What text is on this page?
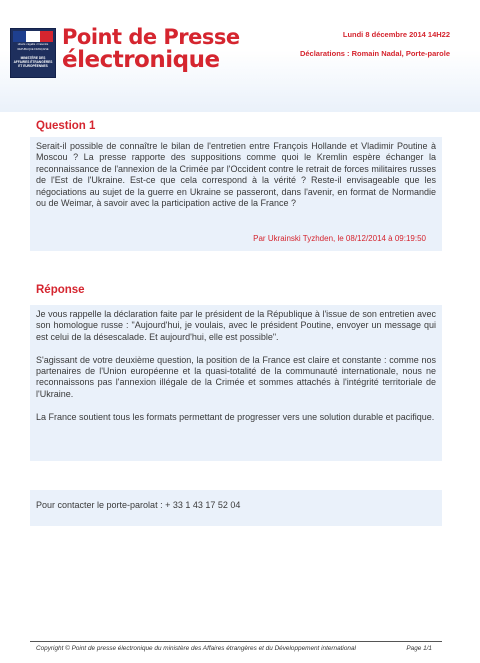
Liberté • Égalité • Fraternité
RÉPUBLIQUE FRANÇAISE
MINISTÈRE DES AFFAIRES ÉTRANGÈRES ET EUROPÉENNES
Point de Presse
électronique
Lundi 8 décembre 2014 14H22
Déclarations : Romain Nadal, Porte-parole
Question 1

Serait-il possible de connaître le bilan de l'entretien entre François Hollande et Vladimir Poutine à Moscou ? La presse rapporte des suppositions comme quoi le Kremlin espère échanger la reconnaissance de l'annexion de la Crimée par l'Occident contre le retrait de forces militaires russes de l'Est de l'Ukraine. Est-ce que cela correspond à la vérité ? Reste-il envisageable que les négociations au sujet de la guerre en Ukraine se passeront, dans l'avenir, en format de Normandie ou de Weimar, à savoir avec la participation active de la France ?

Par Ukrainski Tyzhden, le 08/12/2014 à 09:19:50
Réponse

Je vous rappelle la déclaration faite par le président de la République à l'issue de son entretien avec son homologue russe : "Aujourd'hui, je voulais, avec le président Poutine, envoyer un message qui est celui de la désescalade. Et aujourd'hui, elle est possible".

S'agissant de votre deuxième question, la position de la France est claire et constante : comme nos partenaires de l'Union européenne et la quasi-totalité de la communauté internationale, nous ne reconnaissons pas l'annexion illégale de la Crimée et sommes attachés à l'intégrité territoriale de l'Ukraine.

La France soutient tous les formats permettant de progresser vers une solution durable et pacifique.

Pour contacter le porte-parolat : + 33 1 43 17 52 04

Copyright © Point de presse électronique du ministère des Affaires étrangères et du Développement international	Page 1/1
